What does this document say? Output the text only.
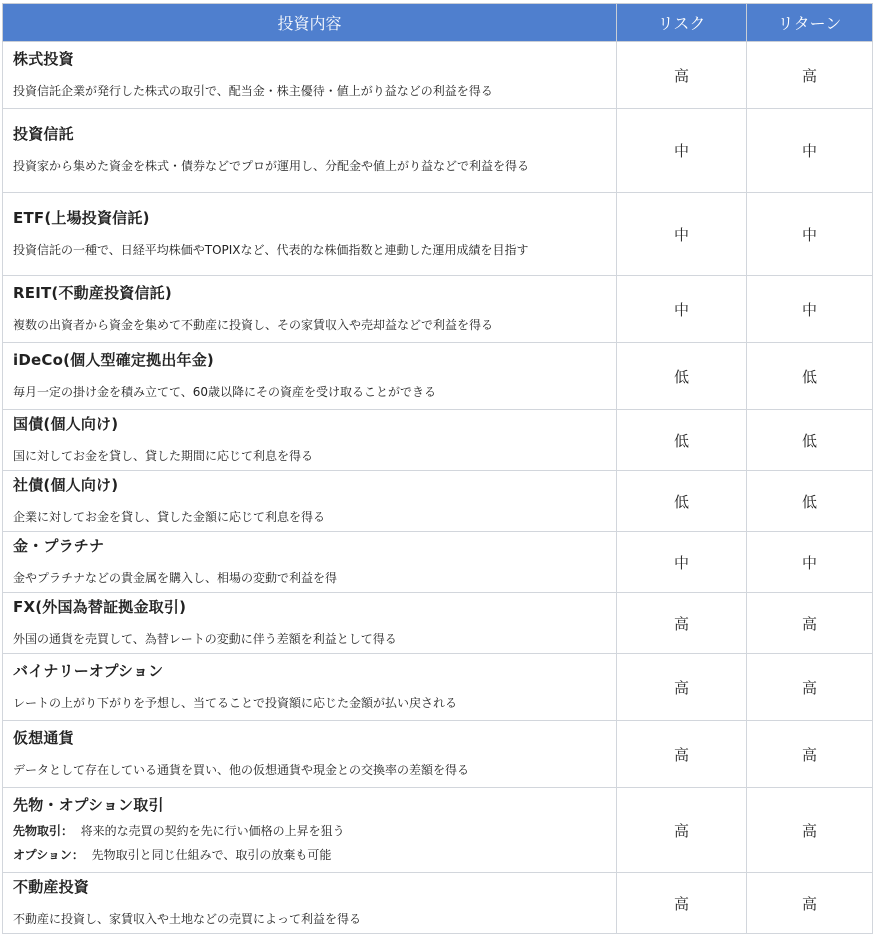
投資内容	リスク	リターン

株式投資
投資信託企業が発行した株式の取引で、配当金・株主優待・値上がり益などの利益を得る	高	高

投資信託
投資家から集めた資金を株式・債券などでプロが運用し、分配金や値上がり益などで利益を得る	中	中

ETF(上場投資信託)
投資信託の一種で、日経平均株価やTOPIXなど、代表的な株価指数と連動した運用成績を目指す	中	中

REIT(不動産投資信託)
複数の出資者から資金を集めて不動産に投資し、その家賃収入や売却益などで利益を得る	中	中

iDeCo(個人型確定拠出年金)
毎月一定の掛け金を積み立てて、60歳以降にその資産を受け取ることができる	低	低

国債(個人向け)
国に対してお金を貸し、貸した期間に応じて利息を得る	低	低

社債(個人向け)
企業に対してお金を貸し、貸した金額に応じて利息を得る	低	低

金・プラチナ
金やプラチナなどの貴金属を購入し、相場の変動で利益を得	中	中

FX(外国為替証拠金取引)
外国の通貨を売買して、為替レートの変動に伴う差額を利益として得る	高	高

バイナリーオプション
レートの上がり下がりを予想し、当てることで投資額に応じた金額が払い戻される	高	高

仮想通貨
データとして存在している通貨を買い、他の仮想通貨や現金との交換率の差額を得る	高	高

先物・オプション取引
先物取引： 将来的な売買の契約を先に行い価格の上昇を狙う
オプション： 先物取引と同じ仕組みで、取引の放棄も可能	高	高

不動産投資
不動産に投資し、家賃収入や土地などの売買によって利益を得る	高	高
